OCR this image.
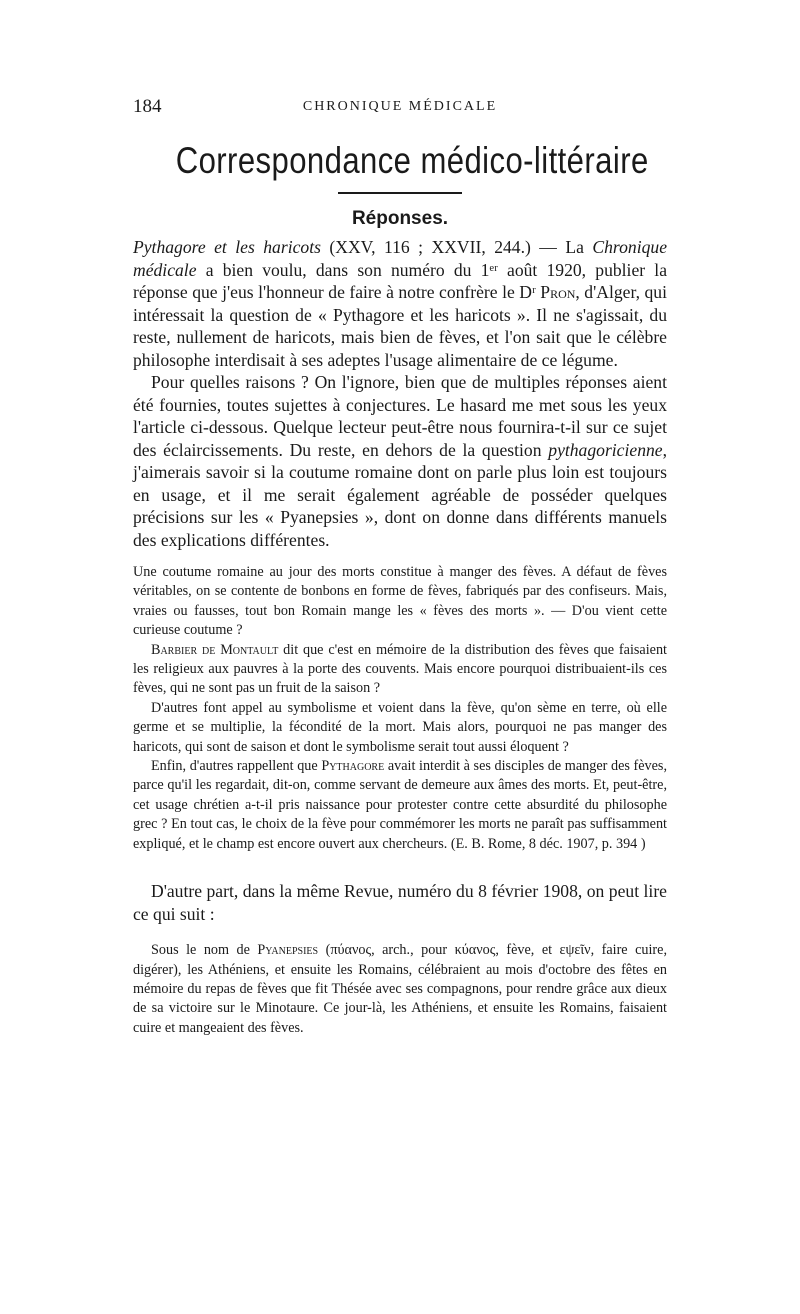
184	CHRONIQUE MÉDICALE
Correspondance médico-littéraire
Réponses.

Pythagore et les haricots (XXV, 116 ; XXVII, 244.) — La Chronique médicale a bien voulu, dans son numéro du 1ᵉʳ août 1920, publier la réponse que j'eus l'honneur de faire à notre confrère le Dʳ Pron, d'Alger, qui intéressait la question de « Pythagore et les haricots ». Il ne s'agissait, du reste, nullement de haricots, mais bien de fèves, et l'on sait que le célèbre philosophe interdisait à ses adeptes l'usage alimentaire de ce légume.

Pour quelles raisons ? On l'ignore, bien que de multiples réponses aient été fournies, toutes sujettes à conjectures. Le hasard me met sous les yeux l'article ci-dessous. Quelque lecteur peut-être nous fournira-t-il sur ce sujet des éclaircissements. Du reste, en dehors de la question pythagoricienne, j'aimerais savoir si la coutume romaine dont on parle plus loin est toujours en usage, et il me serait également agréable de posséder quelques précisions sur les « Pyanepsies », dont on donne dans différents manuels des explications différentes.

Une coutume romaine au jour des morts constitue à manger des fèves. A défaut de fèves véritables, on se contente de bonbons en forme de fèves, fabriqués par des confiseurs. Mais, vraies ou fausses, tout bon Romain mange les « fèves des morts ». — D'ou vient cette curieuse coutume ?

Barbier de Montault dit que c'est en mémoire de la distribution des fèves que faisaient les religieux aux pauvres à la porte des couvents. Mais encore pourquoi distribuaient-ils ces fèves, qui ne sont pas un fruit de la saison ?

D'autres font appel au symbolisme et voient dans la fève, qu'on sème en terre, où elle germe et se multiplie, la fécondité de la mort. Mais alors, pourquoi ne pas manger des haricots, qui sont de saison et dont le symbolisme serait tout aussi éloquent ?

Enfin, d'autres rappellent que Pythagore avait interdit à ses disciples de manger des fèves, parce qu'il les regardait, dit-on, comme servant de demeure aux âmes des morts. Et, peut-être, cet usage chrétien a-t-il pris naissance pour protester contre cette absurdité du philosophe grec ? En tout cas, le choix de la fève pour commémorer les morts ne paraît pas suffisamment expliqué, et le champ est encore ouvert aux chercheurs. (E. B. Rome, 8 déc. 1907, p. 394 )

D'autre part, dans la même Revue, numéro du 8 février 1908, on peut lire ce qui suit :

Sous le nom de Pyanepsies (πύανος, arch., pour κύανος, fève, et εψεῖν, faire cuire, digérer), les Athéniens, et ensuite les Romains, célébraient au mois d'octobre des fêtes en mémoire du repas de fèves que fit Thésée avec ses compagnons, pour rendre grâce aux dieux de sa victoire sur le Minotaure. Ce jour-là, les Athéniens, et ensuite les Romains, faisaient cuire et mangeaient des fèves.
